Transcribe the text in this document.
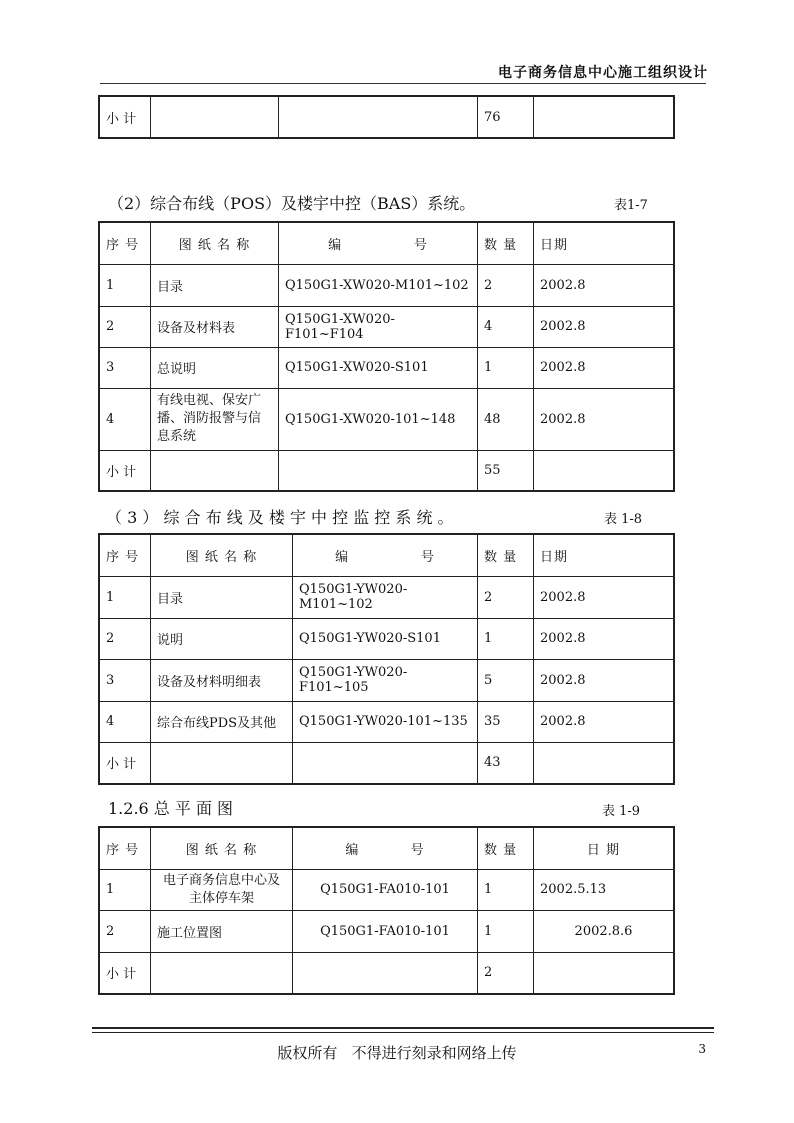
电子商务信息中心施工组织设计
小 计			76	
（2）综合布线（POS）及楼宇中控（BAS）系统。	表1-7
序 号	图 纸 名 称	编              号	数 量	日期
1	目录	Q150G1-XW020-M101~102	2	2002.8
2	设备及材料表	Q150G1-XW020-F101~F104	4	2002.8
3	总说明	Q150G1-XW020-S101	1	2002.8
4	有线电视、保安广播、消防报警与信息系统	Q150G1-XW020-101~148	48	2002.8
小 计			55	
（ 3 ） 综 合 布 线 及 楼 宇 中 控 监 控 系 统 。	表 1-8
序 号	图 纸 名 称	编              号	数 量	日期
1	目录	Q150G1-YW020-M101~102	2	2002.8
2	说明	Q150G1-YW020-S101	1	2002.8
3	设备及材料明细表	Q150G1-YW020-F101~105	5	2002.8
4	综合布线PDS及其他	Q150G1-YW020-101~135	35	2002.8
小 计			43	
1.2.6 总 平 面 图	表 1-9
序 号	图 纸 名 称	编          号	数 量	日 期
1	电子商务信息中心及主体停车架	Q150G1-FA010-101	1	2002.5.13
2	施工位置图	Q150G1-FA010-101	1	2002.8.6
小 计			2	
版权所有   不得进行刻录和网络上传	3
